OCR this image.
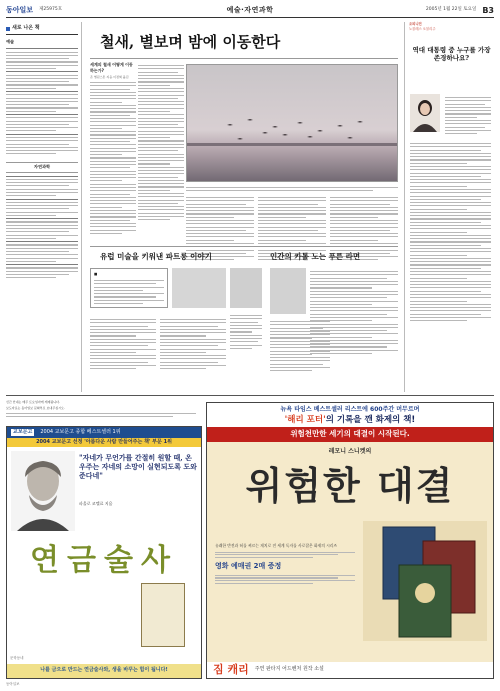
동아일보 제25975호	예술·자연과학	2005년 1월 22일 토요일 B3
새로 나온 책
예술
자연과학
철새, 별보며 밤에 이동한다
세계의 철새 어떻게 이동하는가?
존 엘핀스톤 지음·이정혁 옮김
유럽 미술을 키워낸 파트롱 이야기	인간의 카톨 노는 푸른 라면
■
오피니언
노블레스 오블리주
역대 대통령 중 누구를 가장 존경하나요?
신간 안내는 매주 토요일자에 게재됩니다.
보도자료는 동아일보 문화부로 보내주십시오.
교보문고	2004 교보문고 종합 베스트셀러 1위
2004 교보문고 선정 '아름다운 사람 만들어주는 책' 부문 1위
"자네가 무언가를 간절히 원할 때, 온 우주는 자네의 소망이 실현되도록 도와준다네"
파울로 코엘료 지음
연금술사
문학동네
나를 금으로 만드는 연금술사와, 생을 바꾸는 힘이 됩니다!
뉴욕 타임스 베스트셀러 리스트에 600주간 머무르며
'해리 포터'의 기록을 깬 화제의 책!
위험천만한 세기의 대결이 시작된다.
레모니 스니켓의
위험한 대결
유쾌한 반전과 허를 찌르는 재치로 전 세계 독자를 사로잡은 화제의 시리즈
영화 예매권 2매 증정
짐 캐리 주연 판타지 어드벤처 원작 소설
동아일보
